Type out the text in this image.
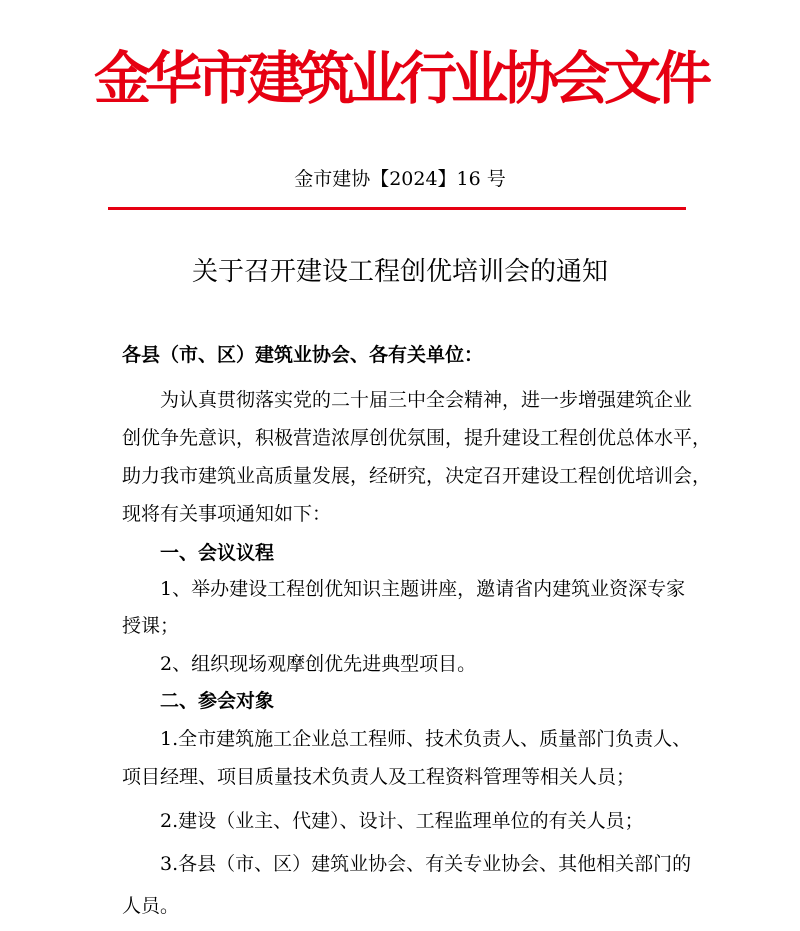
金华市建筑业行业协会文件
金市建协【2024】16 号
关于召开建设工程创优培训会的通知
各县（市、区）建筑业协会、各有关单位：
为认真贯彻落实党的二十届三中全会精神，进一步增强建筑企业
创优争先意识，积极营造浓厚创优氛围，提升建设工程创优总体水平，
助力我市建筑业高质量发展，经研究，决定召开建设工程创优培训会，
现将有关事项通知如下：
一、会议议程
1、举办建设工程创优知识主题讲座，邀请省内建筑业资深专家
授课；
2、组织现场观摩创优先进典型项目。
二、参会对象
1.全市建筑施工企业总工程师、技术负责人、质量部门负责人、
项目经理、项目质量技术负责人及工程资料管理等相关人员；
2.建设（业主、代建）、设计、工程监理单位的有关人员；
3.各县（市、区）建筑业协会、有关专业协会、其他相关部门的
人员。
